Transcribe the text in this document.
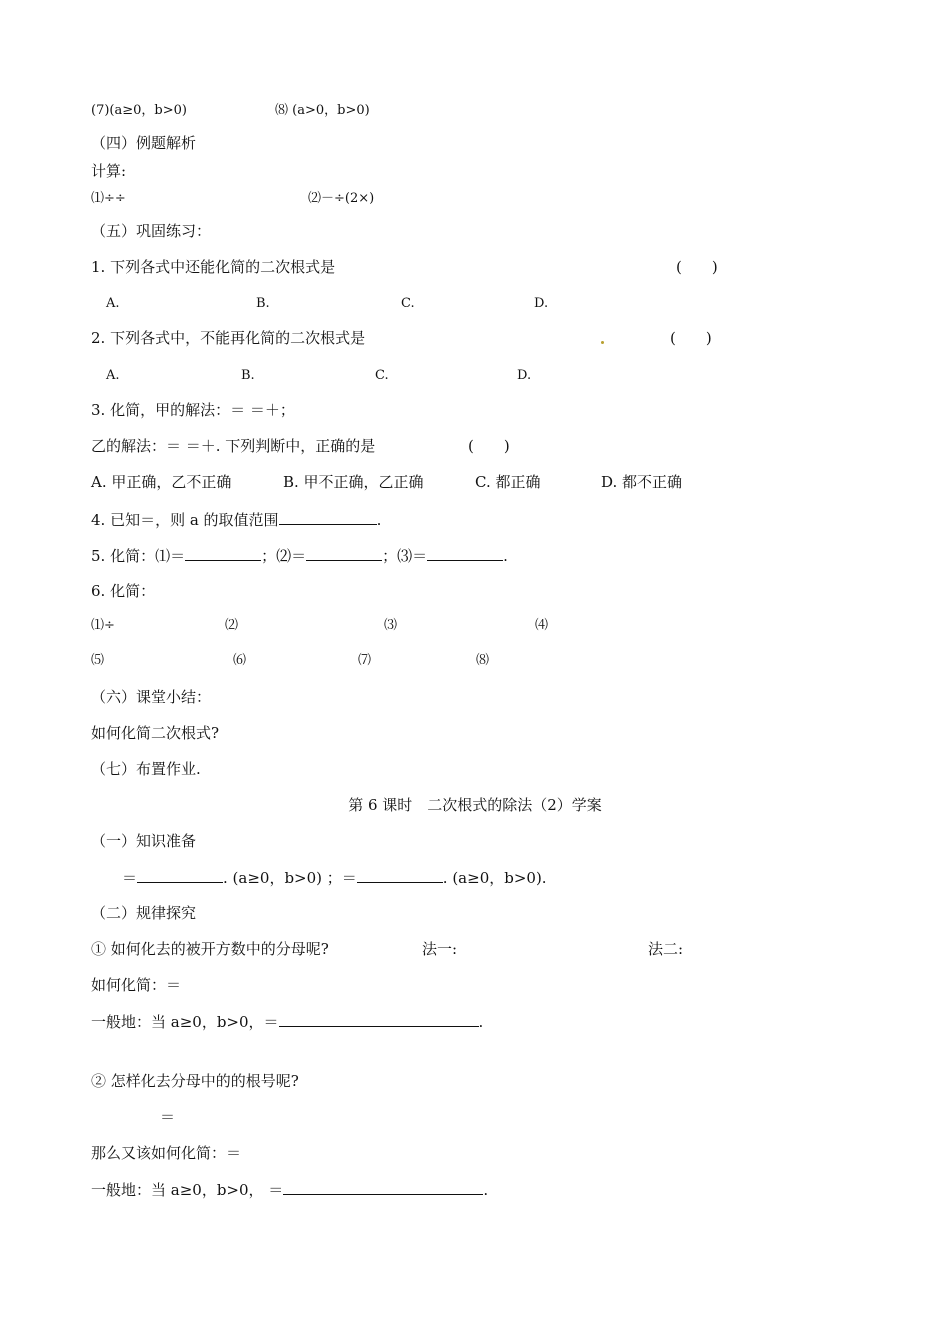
(7)(a≥0，b>0)	⑻ (a>0，b>0)
（四）例题解析
计算:
⑴÷÷	⑵－÷(2×)
（五）巩固练习：
1. 下列各式中还能化简的二次根式是	(　　)
A.	B.	C.	D.
2. 下列各式中，不能再化简的二次根式是	(　　)
A.	B.	C.	D.
3. 化简，甲的解法：＝ ＝＋；
乙的解法：＝ ＝＋. 下列判断中，正确的是	(　　)
A. 甲正确，乙不正确	B. 甲不正确，乙正确	C. 都正确	D. 都不正确
4. 已知＝，则 a 的取值范围	.
5. 化简：⑴＝	；⑵＝	；⑶＝	.
6. 化简：
⑴÷	⑵	⑶	⑷
⑸	⑹	⑺	⑻
（六）课堂小结：
如何化简二次根式?
（七）布置作业.
第 6 课时　二次根式的除法（2）学案
（一）知识准备
＝	. (a≥0，b>0) ；＝	. (a≥0，b>0).
（二）规律探究
① 如何化去的被开方数中的分母呢?	法一:	法二:
如何化简：＝
一般地：当 a≥0，b>0，＝	.
② 怎样化去分母中的的根号呢?
＝
那么又该如何化简：＝
一般地：当 a≥0，b>0， ＝	.
